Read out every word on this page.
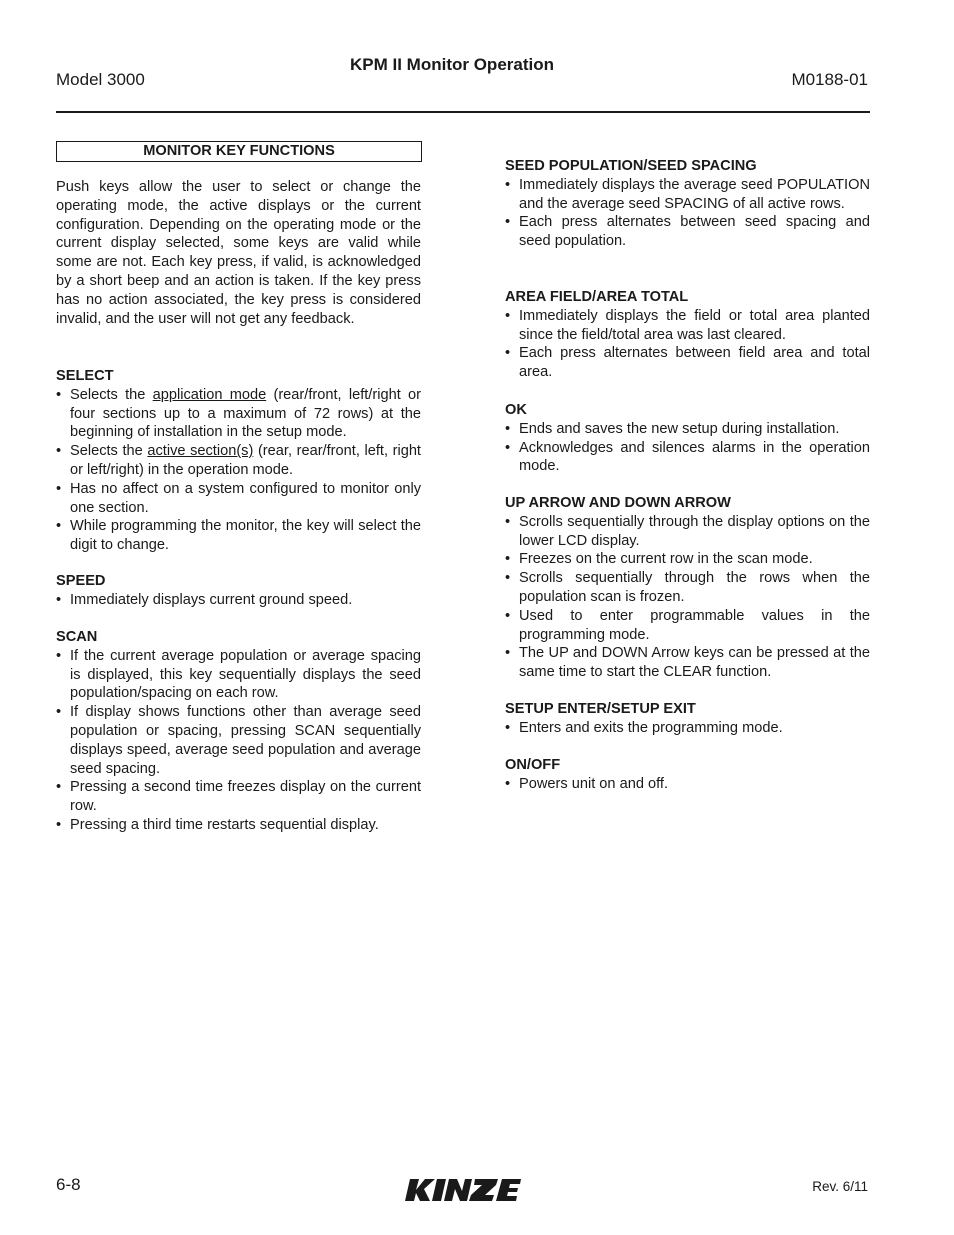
Model 3000
KPM II Monitor Operation
M0188-01
MONITOR KEY FUNCTIONS

Push keys allow the user to select or change the operating mode, the active displays or the current configuration. Depending on the operating mode or the current display selected, some keys are valid while some are not. Each key press, if valid, is acknowledged by a short beep and an action is taken. If the key press has no action associated, the key press is considered invalid, and the user will not get any feedback.

SELECT
• Selects the application mode (rear/front, left/right or four sections up to a maximum of 72 rows) at the beginning of installation in the setup mode.
• Selects the active section(s) (rear, rear/front, left, right or left/right) in the operation mode.
• Has no affect on a system configured to monitor only one section.
• While programming the monitor, the key will select the digit to change.
SPEED
• Immediately displays current ground speed.
SCAN
• If the current average population or average spacing is displayed, this key sequentially displays the seed population/spacing on each row.
• If display shows functions other than average seed population or spacing, pressing SCAN sequentially displays speed, average seed population and average seed spacing.
• Pressing a second time freezes display on the current row.
• Pressing a third time restarts sequential display.
SEED POPULATION/SEED SPACING
• Immediately displays the average seed POPULATION and the average seed SPACING of all active rows.
• Each press alternates between seed spacing and seed population.
AREA FIELD/AREA TOTAL
• Immediately displays the field or total area planted since the field/total area was last cleared.
• Each press alternates between field area and total area.
OK
• Ends and saves the new setup during installation.
• Acknowledges and silences alarms in the operation mode.
UP ARROW AND DOWN ARROW
• Scrolls sequentially through the display options on the lower LCD display.
• Freezes on the current row in the scan mode.
• Scrolls sequentially through the rows when the population scan is frozen.
• Used to enter programmable values in the programming mode.
• The UP and DOWN Arrow keys can be pressed at the same time to start the CLEAR function.
SETUP ENTER/SETUP EXIT
• Enters and exits the programming mode.
ON/OFF
• Powers unit on and off.
6-8	Rev. 6/11
